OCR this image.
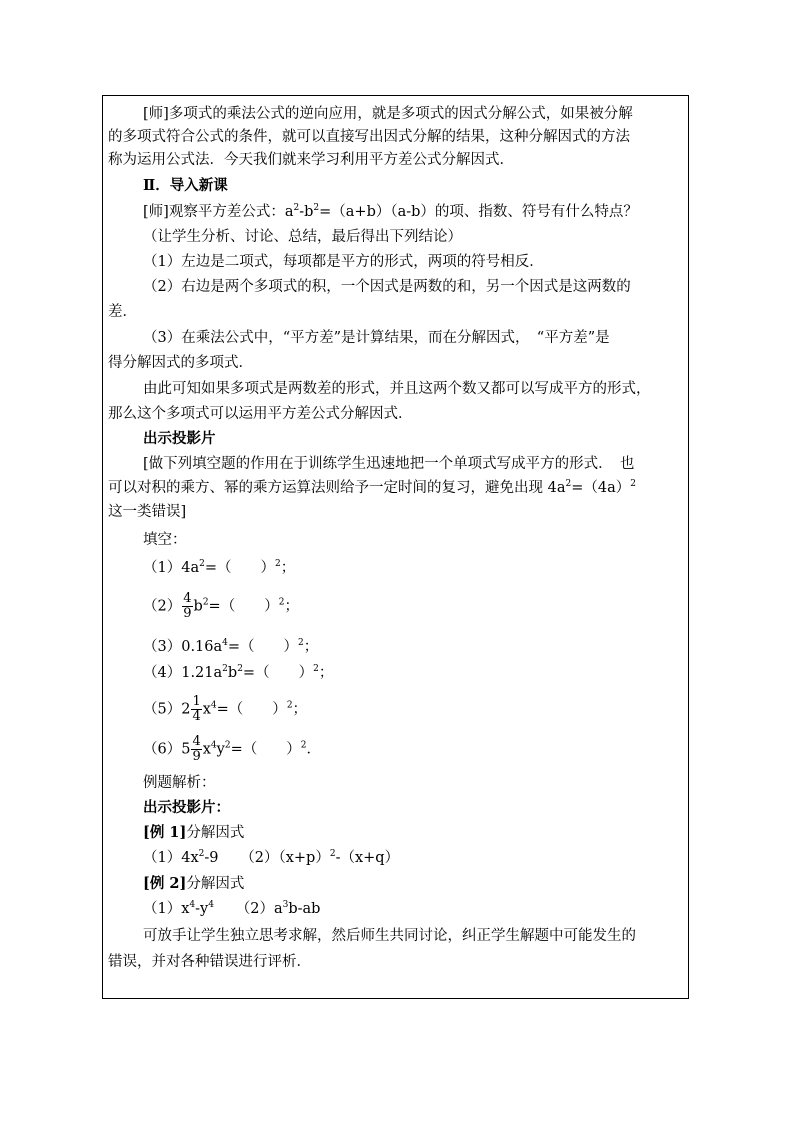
[师]多项式的乘法公式的逆向应用，就是多项式的因式分解公式，如果被分解
的多项式符合公式的条件，就可以直接写出因式分解的结果，这种分解因式的方法
称为运用公式法．今天我们就来学习利用平方差公式分解因式．
Ⅱ．导入新课
[师]观察平方差公式：$a^2-b^2=(a+b)(a-b)$的项、指数、符号有什么特点？
（让学生分析、讨论、总结，最后得出下列结论）
（1）左边是二项式，每项都是平方的形式，两项的符号相反．
（2）右边是两个多项式的积，一个因式是两数的和，另一个因式是这两数的
差．
（3）在乘法公式中，“平方差”是计算结果，而在分解因式，　“平方差”是
得分解因式的多项式．
由此可知如果多项式是两数差的形式，并且这两个数又都可以写成平方的形式，
那么这个多项式可以运用平方差公式分解因式．
出示投影片
[做下列填空题的作用在于训练学生迅速地把一个单项式写成平方的形式．　也
可以对积的乘方、幂的乘方运算法则给予一定时间的复习，避免出现 $4a^2=(4a)^2$
这一类错误]
填空：
$(1)4a^2=$（　　）$^2$；
$(2) \frac{4}{9} b^2=$（　　）$^2$；
$(3)0.16a^4=$（　　）$^2$；
$(4)1.21a^2b^2=$（　　）$^2$；
$(5)2 \frac{1}{4} x^4=$（　　）$^2$；
$(6)5 \frac{4}{9} x^4y^2=$（　　）$^2$．
例题解析：
出示投影片：
[例 1]分解因式
$(1)4x^2-9$　　$(2)(x+p)^2-(x+q)$
[例 2]分解因式
$(1)x^4-y^4$　　$(2)a^3b-ab$
可放手让学生独立思考求解，然后师生共同讨论，纠正学生解题中可能发生的
错误，并对各种错误进行评析．
